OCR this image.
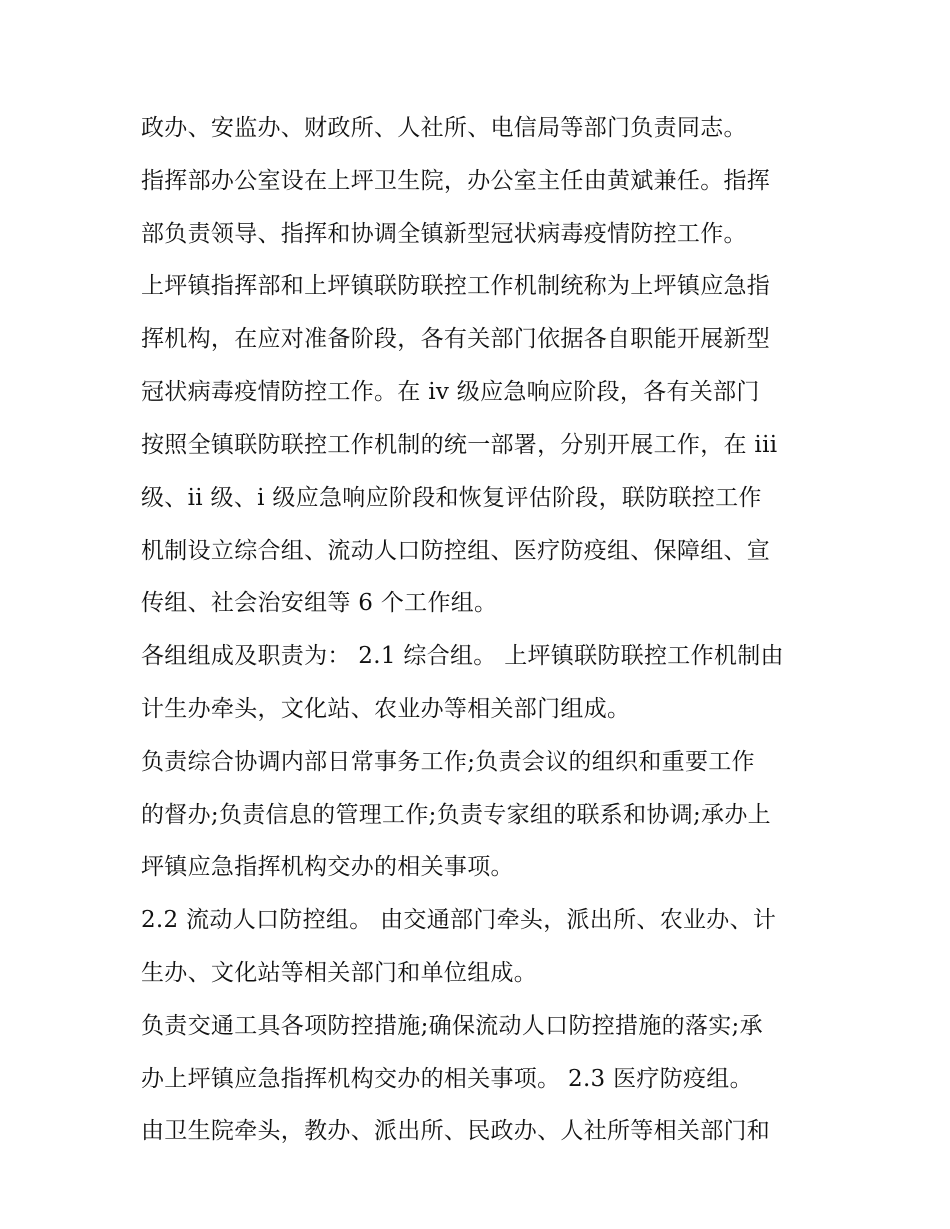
政办、安监办、财政所、人社所、电信局等部门负责同志。
指挥部办公室设在上坪卫生院，办公室主任由黄斌兼任。指挥
部负责领导、指挥和协调全镇新型冠状病毒疫情防控工作。
上坪镇指挥部和上坪镇联防联控工作机制统称为上坪镇应急指
挥机构，在应对准备阶段，各有关部门依据各自职能开展新型
冠状病毒疫情防控工作。在 iv 级应急响应阶段，各有关部门
按照全镇联防联控工作机制的统一部署，分别开展工作，在 iii
级、ii 级、i 级应急响应阶段和恢复评估阶段，联防联控工作
机制设立综合组、流动人口防控组、医疗防疫组、保障组、宣
传组、社会治安组等 6 个工作组。
各组组成及职责为： 2.1 综合组。 上坪镇联防联控工作机制由
计生办牵头，文化站、农业办等相关部门组成。
负责综合协调内部日常事务工作;负责会议的组织和重要工作
的督办;负责信息的管理工作;负责专家组的联系和协调;承办上
坪镇应急指挥机构交办的相关事项。
2.2 流动人口防控组。 由交通部门牵头，派出所、农业办、计
生办、文化站等相关部门和单位组成。
负责交通工具各项防控措施;确保流动人口防控措施的落实;承
办上坪镇应急指挥机构交办的相关事项。 2.3 医疗防疫组。
由卫生院牵头，教办、派出所、民政办、人社所等相关部门和
